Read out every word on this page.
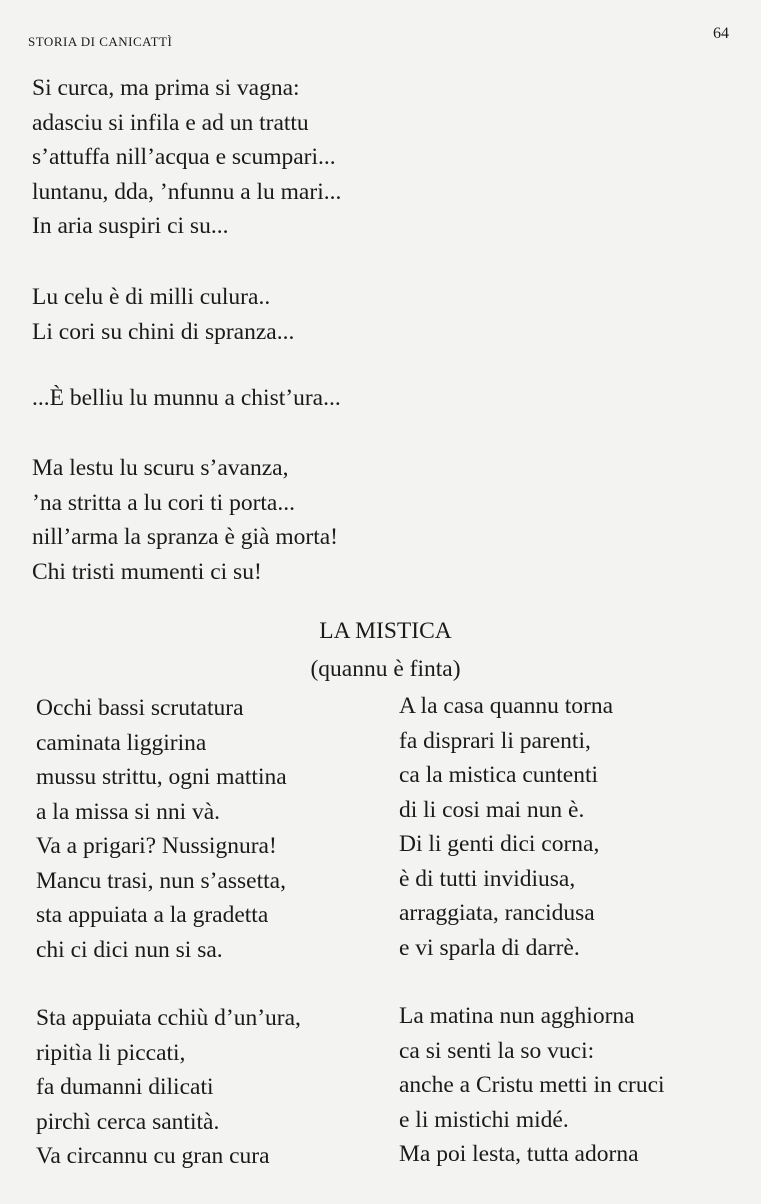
STORIA DI CANICATTÌ	64
Si curca, ma prima si vagna:
adasciu si infila e ad un trattu
s’attuffa nill’acqua e scumpari...
luntanu, dda, ’nfunnu a lu mari...
In aria suspiri ci su...
Lu celu è di milli culura..
Li cori su chini di spranza...
...È belliu lu munnu a chist’ura...
Ma lestu lu scuru s’avanza,
’na stritta a lu cori ti porta...
nill’arma la spranza è già morta!
Chi tristi mumenti ci su!
LA MISTICA
(quannu è finta)
Occhi bassi scrutatura
caminata liggirina
mussu strittu, ogni mattina
a la missa si nni và.
Va a prigari? Nussignura!
Mancu trasi, nun s’assetta,
sta appuiata a la gradetta
chi ci dici nun si sa.
A la casa quannu torna
fa disprari li parenti,
ca la mistica cuntenti
di li cosi mai nun è.
Di li genti dici corna,
è di tutti invidiusa,
arraggiata, rancidusa
e vi sparla di darrè.
Sta appuiata cchiù d’un’ura,
ripitìa li piccati,
fa dumanni dilicati
pirchì cerca santità.
Va circannu cu gran cura
La matina nun agghiorna
ca si senti la so vuci:
anche a Cristu metti in cruci
e li mistichi midé.
Ma poi lesta, tutta adorna
